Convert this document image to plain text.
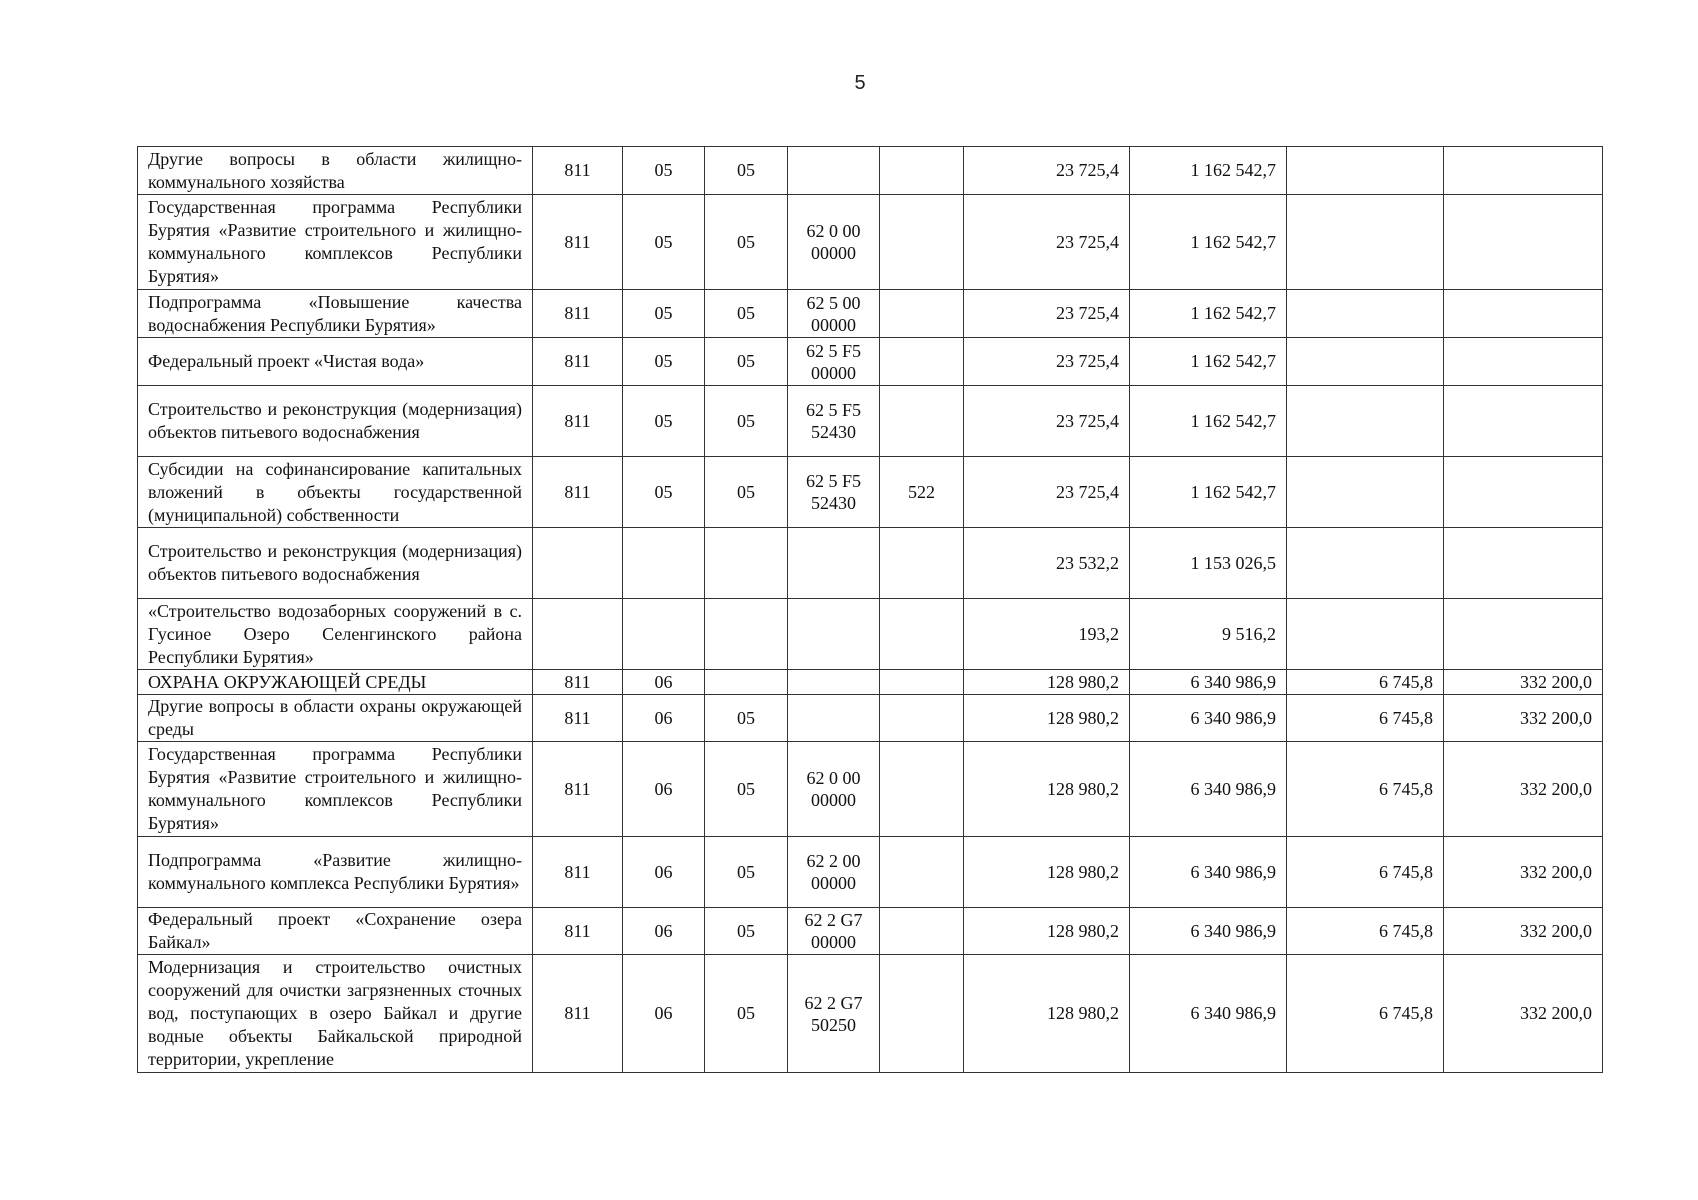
5
Другие вопросы в области жилищно-коммунального хозяйства	811	05	05			23 725,4	1 162 542,7		

Государственная программа Республики Бурятия «Развитие строительного и жилищно-коммунального комплексов Республики Бурятия»	811	05	05	62 0 00 00000		23 725,4	1 162 542,7		

Подпрограмма «Повышение качества водоснабжения Республики Бурятия»	811	05	05	62 5 00 00000		23 725,4	1 162 542,7		

Федеральный проект «Чистая вода»	811	05	05	62 5 F5 00000		23 725,4	1 162 542,7		

Строительство и реконструкция (модернизация) объектов питьевого водоснабжения	811	05	05	62 5 F5 52430		23 725,4	1 162 542,7		

Субсидии на софинансирование капитальных вложений в объекты государственной (муниципальной) собственности	811	05	05	62 5 F5 52430	522	23 725,4	1 162 542,7		

Строительство и реконструкция (модернизация) объектов питьевого водоснабжения						23 532,2	1 153 026,5		

«Строительство водозаборных сооружений в с. Гусиное Озеро Селенгинского района Республики Бурятия»						193,2	9 516,2		

ОХРАНА ОКРУЖАЮЩЕЙ СРЕДЫ	811	06				128 980,2	6 340 986,9	6 745,8	332 200,0

Другие вопросы в области охраны окружающей среды	811	06	05			128 980,2	6 340 986,9	6 745,8	332 200,0

Государственная программа Республики Бурятия «Развитие строительного и жилищно-коммунального комплексов Республики Бурятия»	811	06	05	62 0 00 00000		128 980,2	6 340 986,9	6 745,8	332 200,0

Подпрограмма «Развитие жилищно-коммунального комплекса Республики Бурятия»	811	06	05	62 2 00 00000		128 980,2	6 340 986,9	6 745,8	332 200,0

Федеральный проект «Сохранение озера Байкал»	811	06	05	62 2 G7 00000		128 980,2	6 340 986,9	6 745,8	332 200,0

Модернизация и строительство очистных сооружений для очистки загрязненных сточных вод, поступающих в озеро Байкал и другие водные объекты Байкальской природной территории, укрепление	811	06	05	62 2 G7 50250		128 980,2	6 340 986,9	6 745,8	332 200,0
